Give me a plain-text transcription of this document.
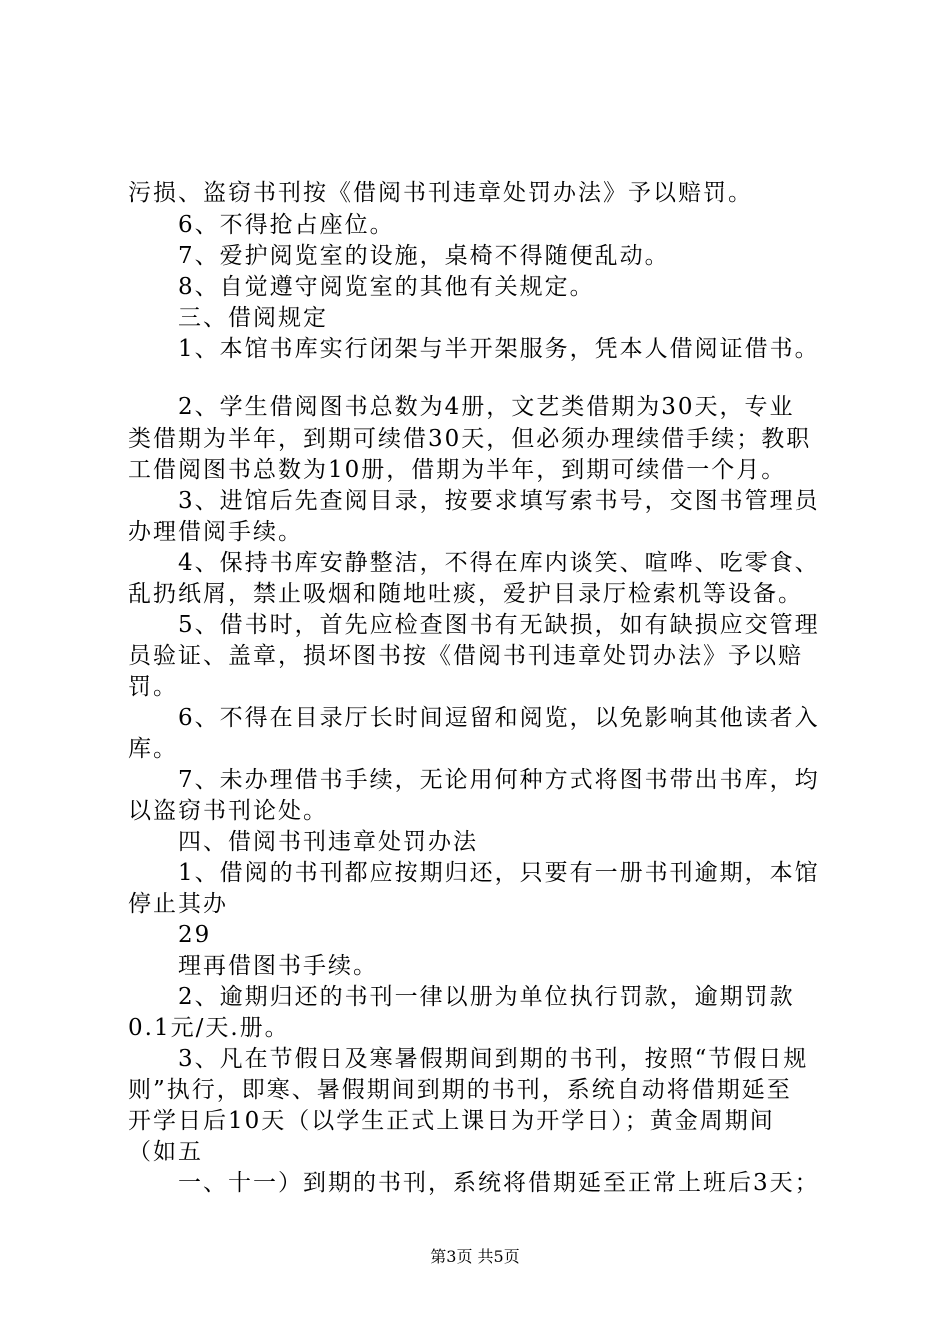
污损、盗窃书刊按《借阅书刊违章处罚办法》予以赔罚。
6、不得抢占座位。
7、爱护阅览室的设施，桌椅不得随便乱动。
8、自觉遵守阅览室的其他有关规定。
三、借阅规定
1、本馆书库实行闭架与半开架服务，凭本人借阅证借书。
2、学生借阅图书总数为4册，文艺类借期为30天，专业
类借期为半年，到期可续借30天，但必须办理续借手续；教职
工借阅图书总数为10册，借期为半年，到期可续借一个月。
3、进馆后先查阅目录，按要求填写索书号，交图书管理员
办理借阅手续。
4、保持书库安静整洁，不得在库内谈笑、喧哗、吃零食、
乱扔纸屑，禁止吸烟和随地吐痰，爱护目录厅检索机等设备。
5、借书时，首先应检查图书有无缺损，如有缺损应交管理
员验证、盖章，损坏图书按《借阅书刊违章处罚办法》予以赔
罚。
6、不得在目录厅长时间逗留和阅览，以免影响其他读者入
库。
7、未办理借书手续，无论用何种方式将图书带出书库，均
以盗窃书刊论处。
四、借阅书刊违章处罚办法
1、借阅的书刊都应按期归还，只要有一册书刊逾期，本馆
停止其办
29
理再借图书手续。
2、逾期归还的书刊一律以册为单位执行罚款，逾期罚款
0.1元/天.册。
3、凡在节假日及寒暑假期间到期的书刊，按照“节假日规
则”执行，即寒、暑假期间到期的书刊，系统自动将借期延至
开学日后10天（以学生正式上课日为开学日）；黄金周期间
（如五
一、十一）到期的书刊，系统将借期延至正常上班后3天；
第3页 共5页
